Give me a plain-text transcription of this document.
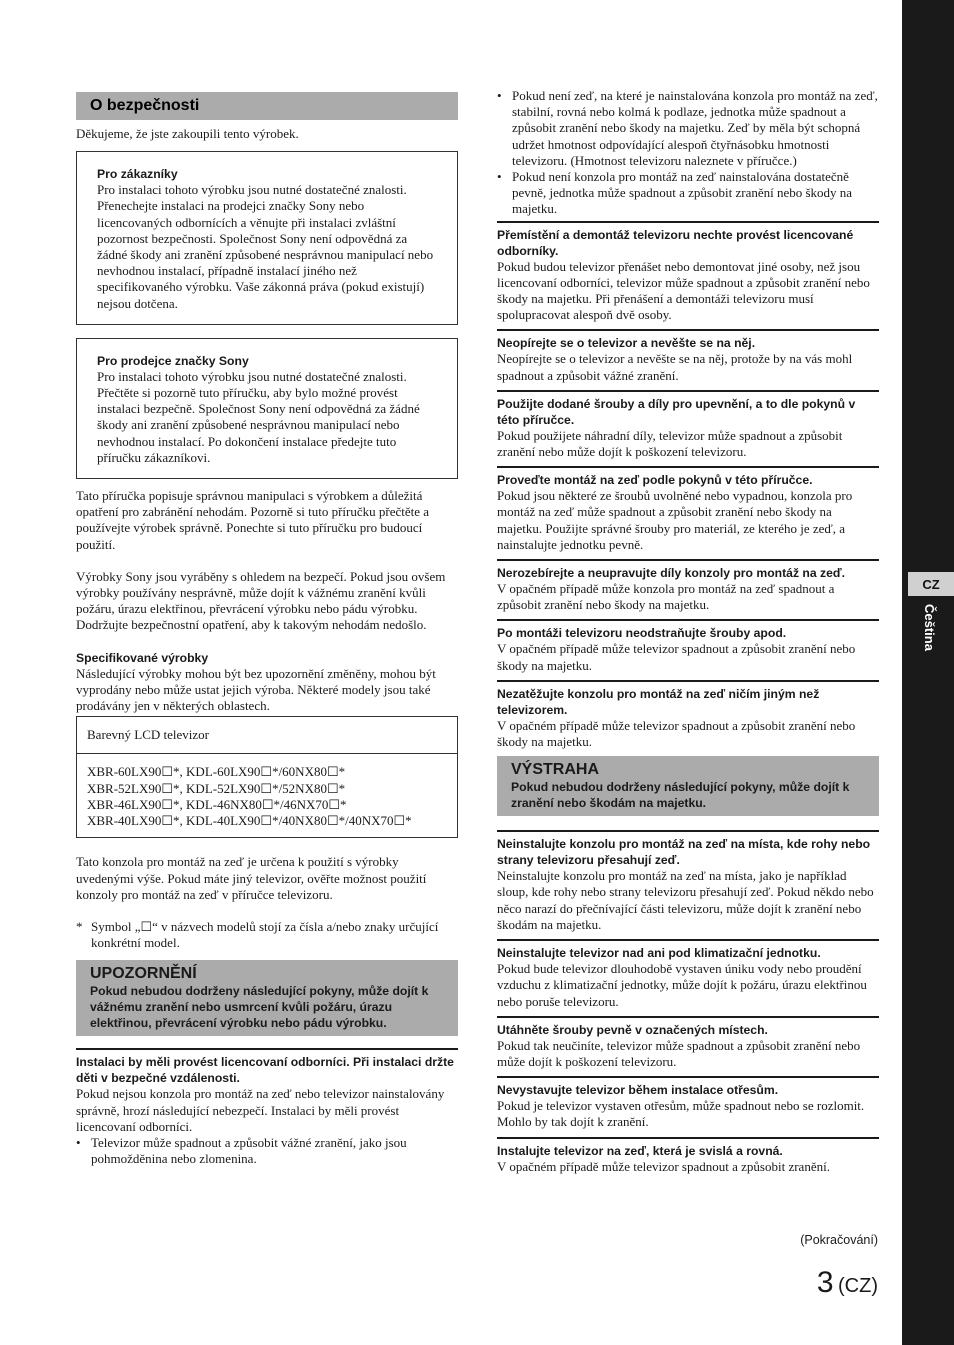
CZ
Čeština
O bezpečnosti

Děkujeme, že jste zakoupili tento výrobek.

Pro zákazníky

Pro instalaci tohoto výrobku jsou nutné dostatečné znalosti. Přenechejte instalaci na prodejci značky Sony nebo licencovaných odbornících a věnujte při instalaci zvláštní pozornost bezpečnosti. Společnost Sony není odpovědná za žádné škody ani zranění způsobené nesprávnou manipulací nebo nevhodnou instalací, případně instalací jiného než specifikovaného výrobku. Vaše zákonná práva (pokud existují) nejsou dotčena.

Pro prodejce značky Sony

Pro instalaci tohoto výrobku jsou nutné dostatečné znalosti. Přečtěte si pozorně tuto příručku, aby bylo možné provést instalaci bezpečně. Společnost Sony není odpovědná za žádné škody ani zranění způsobené nesprávnou manipulací nebo nevhodnou instalací. Po dokončení instalace předejte tuto příručku zákazníkovi.

Tato příručka popisuje správnou manipulaci s výrobkem a důležitá opatření pro zabránění nehodám. Pozorně si tuto příručku přečtěte a používejte výrobek správně. Ponechte si tuto příručku pro budoucí použití.

Výrobky Sony jsou vyráběny s ohledem na bezpečí. Pokud jsou ovšem výrobky používány nesprávně, může dojít k vážnému zranění kvůli požáru, úrazu elektřinou, převrácení výrobku nebo pádu výrobku. Dodržujte bezpečnostní opatření, aby k takovým nehodám nedošlo.

Specifikované výrobky

Následující výrobky mohou být bez upozornění změněny, mohou být vyprodány nebo může ustat jejich výroba. Některé modely jsou také prodávány jen v některých oblastech.

Barevný LCD televizor
XBR-60LX90☐*, KDL-60LX90☐*/60NX80☐*
XBR-52LX90☐*, KDL-52LX90☐*/52NX80☐*
XBR-46LX90☐*, KDL-46NX80☐*/46NX70☐*
XBR-40LX90☐*, KDL-40LX90☐*/40NX80☐*/40NX70☐*

Tato konzola pro montáž na zeď je určena k použití s výrobky uvedenými výše. Pokud máte jiný televizor, ověřte možnost použití konzoly pro montáž na zeď v příručce televizoru.

* Symbol „☐“ v názvech modelů stojí za čísla a/nebo znaky určující konkrétní model.
UPOZORNĚNÍ
Pokud nebudou dodrženy následující pokyny, může dojít k vážnému zranění nebo usmrcení kvůli požáru, úrazu elektřinou, převrácení výrobku nebo pádu výrobku.
Instalaci by měli provést licencovaní odborníci. Při instalaci držte děti v bezpečné vzdálenosti.

Pokud nejsou konzola pro montáž na zeď nebo televizor nainstalovány správně, hrozí následující nebezpečí. Instalaci by měli provést licencovaní odborníci.

• Televizor může spadnout a způsobit vážné zranění, jako jsou pohmožděnina nebo zlomenina.
• Pokud není zeď, na které je nainstalována konzola pro montáž na zeď, stabilní, rovná nebo kolmá k podlaze, jednotka může spadnout a způsobit zranění nebo škody na majetku. Zeď by měla být schopná udržet hmotnost odpovídající alespoň čtyřnásobku hmotnosti televizoru. (Hmotnost televizoru naleznete v příručce.)
• Pokud není konzola pro montáž na zeď nainstalována dostatečně pevně, jednotka může spadnout a způsobit zranění nebo škody na majetku.
Přemístění a demontáž televizoru nechte provést licencované odborníky.

Pokud budou televizor přenášet nebo demontovat jiné osoby, než jsou licencovaní odborníci, televizor může spadnout a způsobit zranění nebo škody na majetku. Při přenášení a demontáži televizoru musí spolupracovat alespoň dvě osoby.

Neopírejte se o televizor a nevěšte se na něj.

Neopírejte se o televizor a nevěšte se na něj, protože by na vás mohl spadnout a způsobit vážné zranění.

Použijte dodané šrouby a díly pro upevnění, a to dle pokynů v této příručce.

Pokud použijete náhradní díly, televizor může spadnout a způsobit zranění nebo může dojít k poškození televizoru.

Proveďte montáž na zeď podle pokynů v této příručce.

Pokud jsou některé ze šroubů uvolněné nebo vypadnou, konzola pro montáž na zeď může spadnout a způsobit zranění nebo škody na majetku. Použijte správné šrouby pro materiál, ze kterého je zeď, a nainstalujte jednotku pevně.

Nerozebírejte a neupravujte díly konzoly pro montáž na zeď.

V opačném případě může konzola pro montáž na zeď spadnout a způsobit zranění nebo škody na majetku.

Po montáži televizoru neodstraňujte šrouby apod.

V opačném případě může televizor spadnout a způsobit zranění nebo škody na majetku.

Nezatěžujte konzolu pro montáž na zeď ničím jiným než televizorem.

V opačném případě může televizor spadnout a způsobit zranění nebo škody na majetku.

VÝSTRAHA
Pokud nebudou dodrženy následující pokyny, může dojít k zranění nebo škodám na majetku.
Neinstalujte konzolu pro montáž na zeď na místa, kde rohy nebo strany televizoru přesahují zeď.

Neinstalujte konzolu pro montáž na zeď na místa, jako je například sloup, kde rohy nebo strany televizoru přesahují zeď. Pokud někdo nebo něco narazí do přečnívající části televizoru, může dojít k zranění nebo škodám na majetku.

Neinstalujte televizor nad ani pod klimatizační jednotku.

Pokud bude televizor dlouhodobě vystaven úniku vody nebo proudění vzduchu z klimatizační jednotky, může dojít k požáru, úrazu elektřinou nebo poruše televizoru.

Utáhněte šrouby pevně v označených místech.

Pokud tak neučiníte, televizor může spadnout a způsobit zranění nebo může dojít k poškození televizoru.

Nevystavujte televizor během instalace otřesům.

Pokud je televizor vystaven otřesům, může spadnout nebo se rozlomit. Mohlo by tak dojít k zranění.

Instalujte televizor na zeď, která je svislá a rovná.

V opačném případě může televizor spadnout a způsobit zranění.

(Pokračování)
3 (CZ)
